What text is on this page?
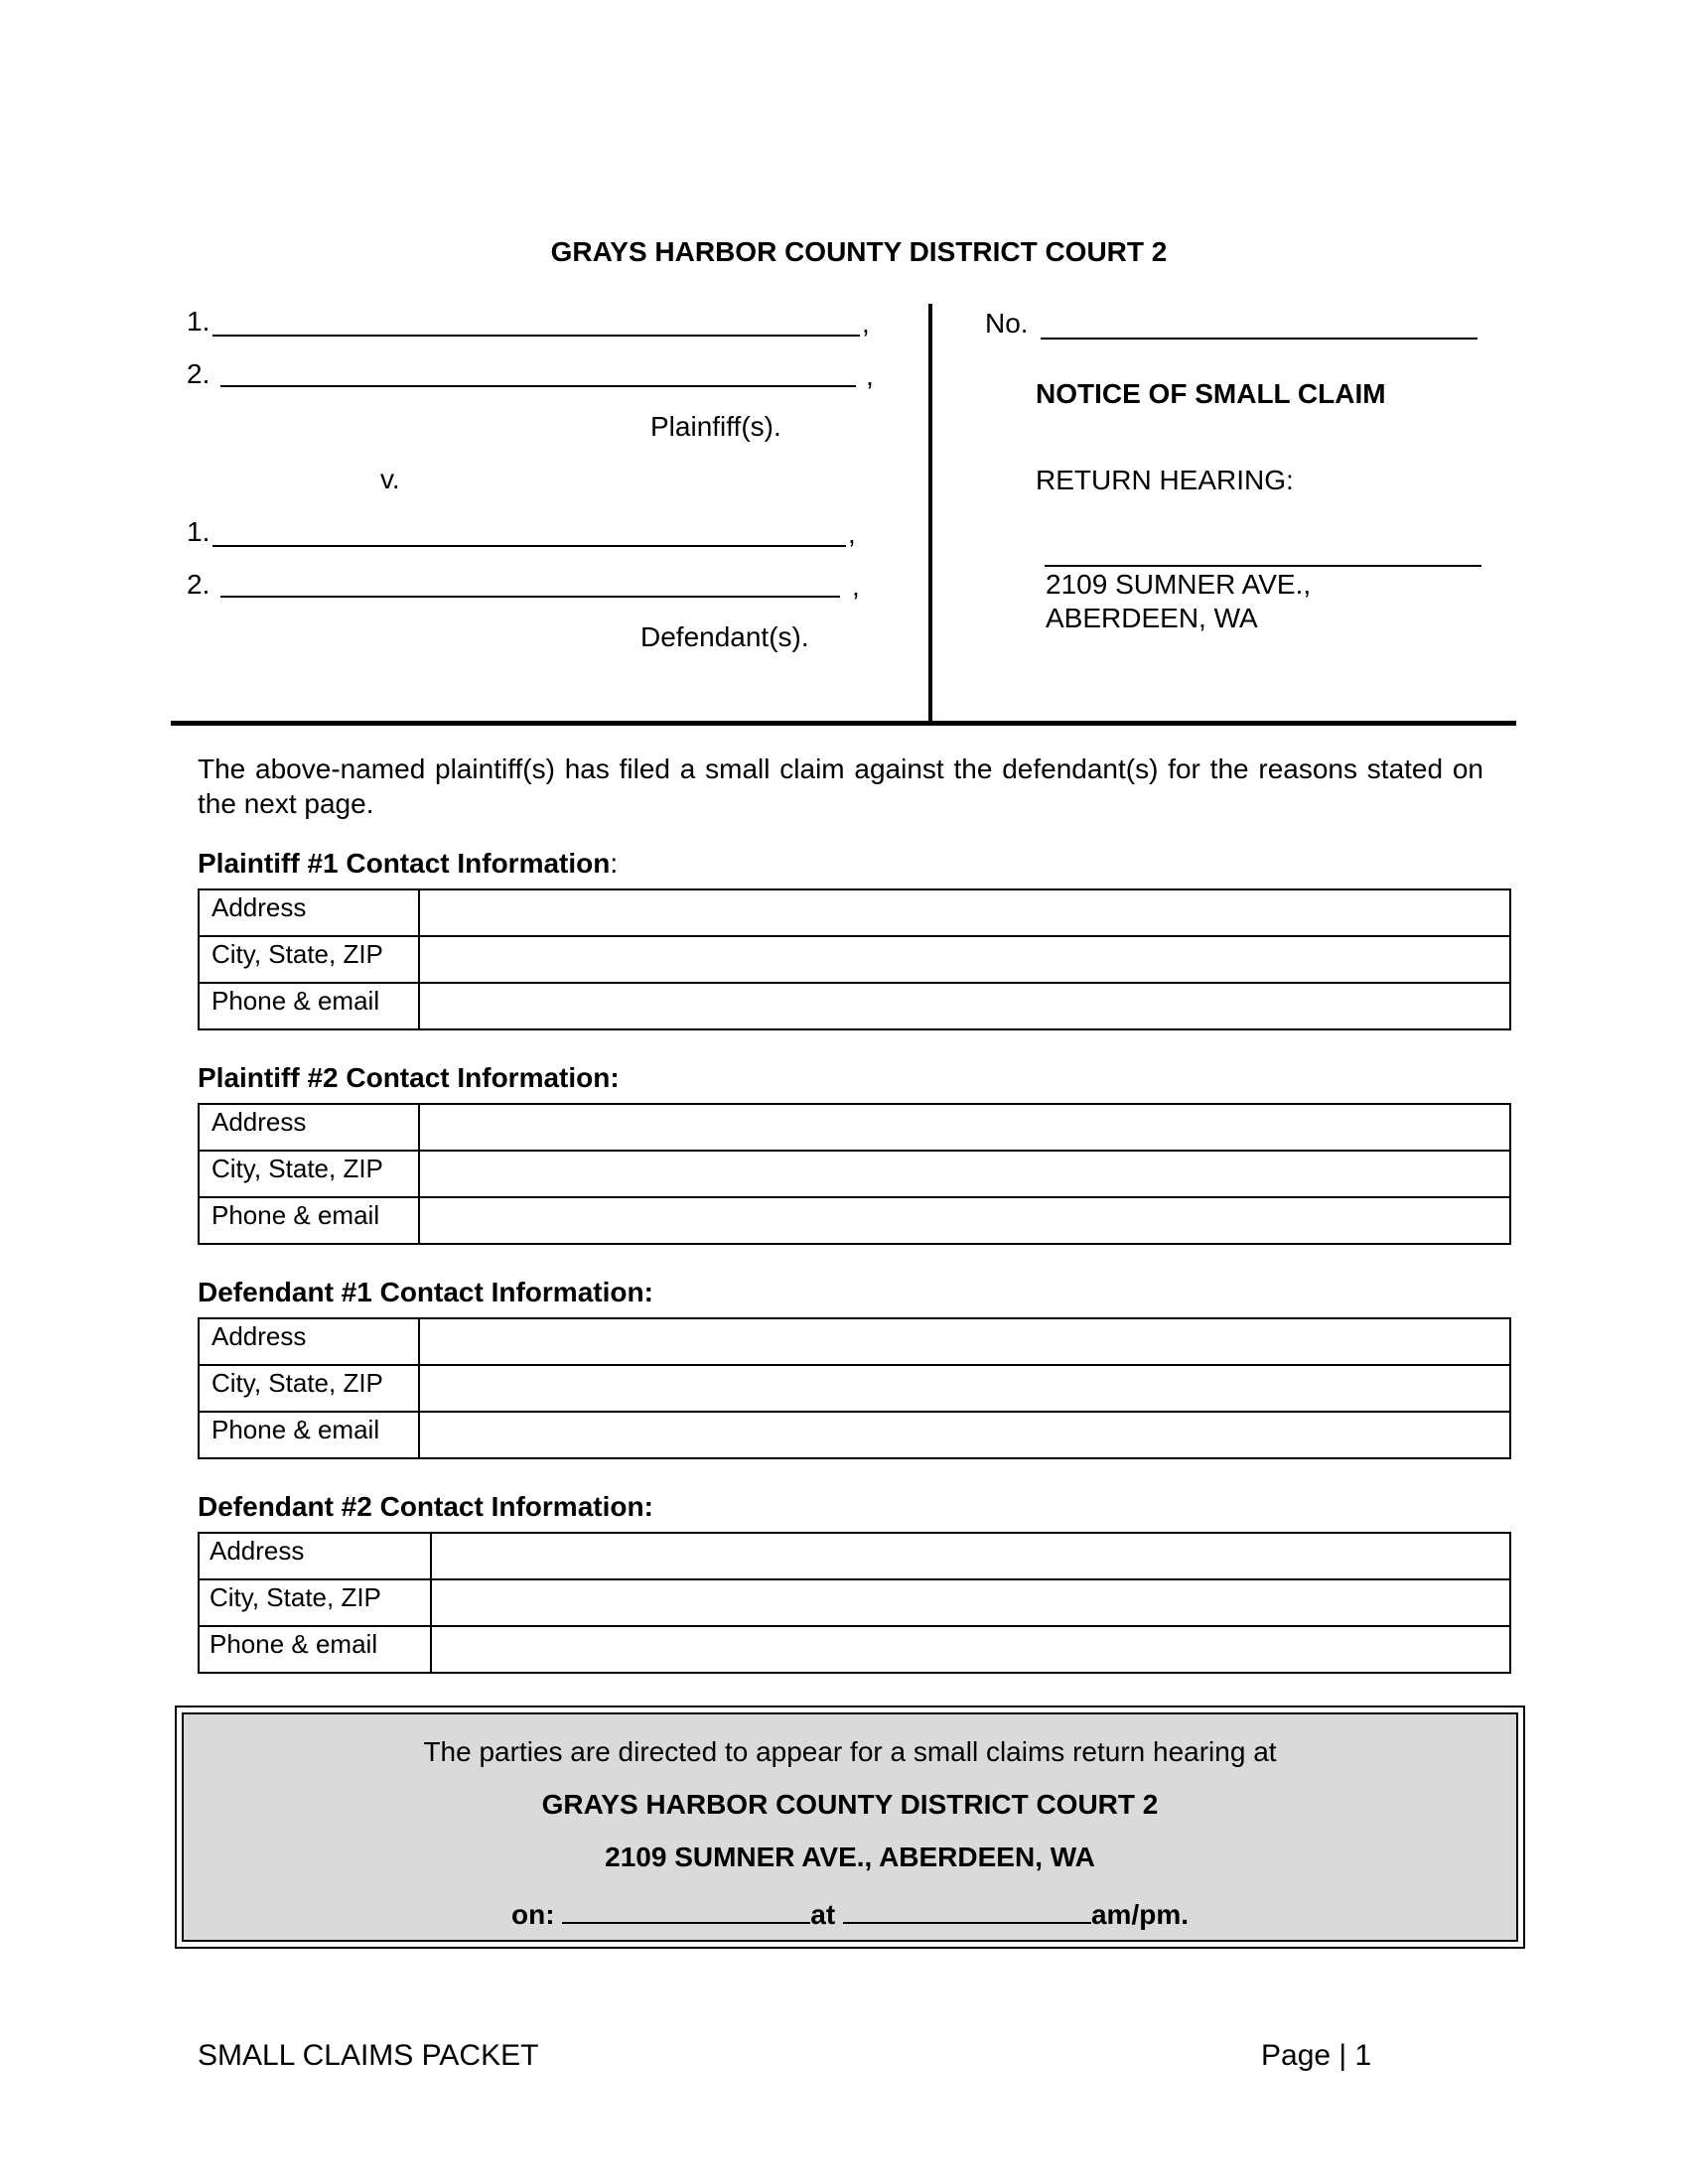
GRAYS HARBOR COUNTY DISTRICT COURT 2
1.	,
2.	,
Plainfiff(s).
v.
1.	,
2.	,
Defendant(s).
No.
NOTICE OF SMALL CLAIM
RETURN HEARING:
2109 SUMNER AVE.,
ABERDEEN, WA
The above-named plaintiff(s) has filed a small claim against the defendant(s) for the reasons stated on the next page.
Plaintiff #1 Contact Information:
Address	
City, State, ZIP	
Phone & email	
Plaintiff #2 Contact Information:
Address	
City, State, ZIP	
Phone & email	
Defendant #1 Contact Information:
Address	
City, State, ZIP	
Phone & email	
Defendant #2 Contact Information:
Address	
City, State, ZIP	
Phone & email	
The parties are directed to appear for a small claims return hearing at
GRAYS HARBOR COUNTY DISTRICT COURT 2
2109 SUMNER AVE., ABERDEEN, WA
on:	at	am/pm.
SMALL CLAIMS PACKET	Page | 1
